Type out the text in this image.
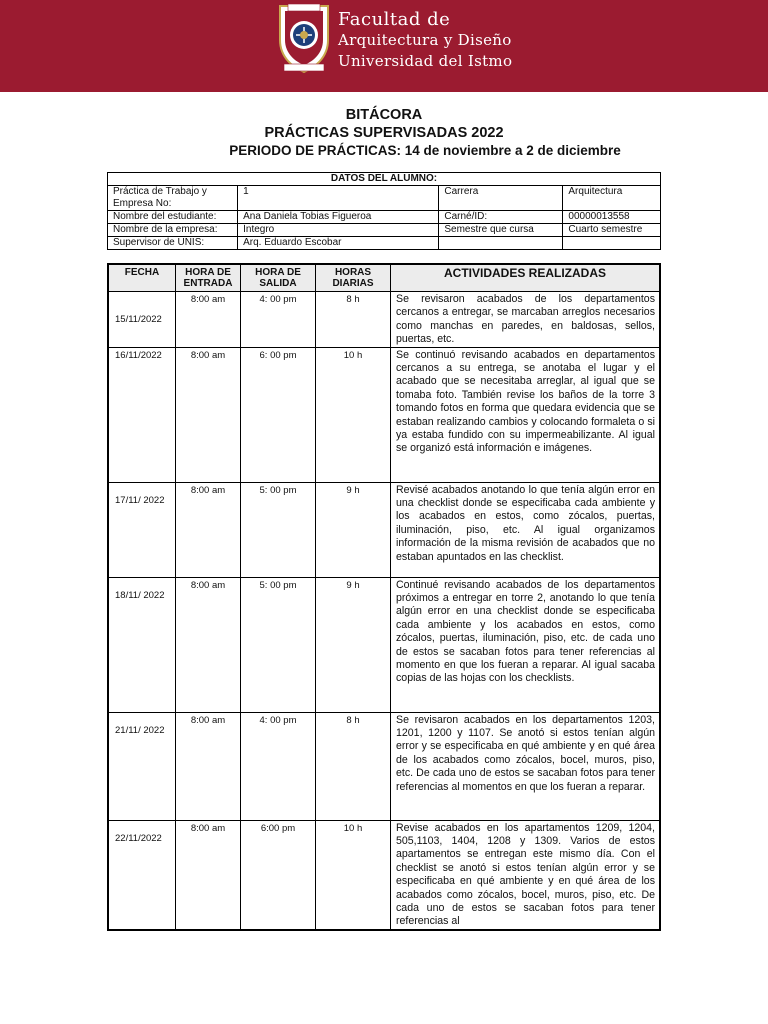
Facultad de
Arquitectura y Diseño
Universidad del Istmo
BITÁCORA
PRÁCTICAS SUPERVISADAS 2022
PERIODO DE PRÁCTICAS: 14 de noviembre a 2 de diciembre
DATOS DEL ALUMNO:			
Práctica de Trabajo y Empresa No:	1	Carrera	Arquitectura
Nombre del estudiante:	Ana Daniela Tobias Figueroa	Carné/ID:	00000013558
Nombre de la empresa:	Íntegro	Semestre que cursa	Cuarto semestre
Supervisor de UNIS:	Arq. Eduardo Escobar		
FECHA	HORA DE ENTRADA	HORA DE SALIDA	HORAS DIARIAS	ACTIVIDADES REALIZADAS
15/11/2022	8:00 am	4: 00 pm	8 h	Se revisaron acabados de los departamentos cercanos a entregar, se marcaban arreglos necesarios como manchas en paredes, en baldosas, sellos, puertas, etc.
16/11/2022	8:00 am	6: 00 pm	10 h	Se continuó revisando acabados en departamentos cercanos a su entrega, se anotaba el lugar y el acabado que se necesitaba arreglar, al igual que se tomaba foto. También revise los baños de la torre 3 tomando fotos en forma que quedara evidencia que se estaban realizando cambios y colocando formaleta o si ya estaba fundido con su impermeabilizante. Al igual se organizó está información e imágenes.
17/11/ 2022	8:00 am	5: 00 pm	9 h	Revisé acabados anotando lo que tenía algún error en una checklist donde se especificaba cada ambiente y los acabados en estos, como zócalos, puertas, iluminación, piso, etc. Al igual organizamos información de la misma revisión de acabados que no estaban apuntados en las checklist.
18/11/ 2022	8:00 am	5: 00 pm	9 h	Continué revisando acabados de los departamentos próximos a entregar en torre 2, anotando lo que tenía algún error en una checklist donde se especificaba cada ambiente y los acabados en estos, como zócalos, puertas, iluminación, piso, etc. de cada uno de estos se sacaban fotos para tener referencias al momento en que los fueran a reparar. Al igual sacaba copias de las hojas con los checklists.
21/11/ 2022	8:00 am	4: 00 pm	8 h	Se revisaron acabados en los departamentos 1203, 1201, 1200 y 1107. Se anotó si estos tenían algún error y se especificaba en qué ambiente y en qué área de los acabados como zócalos, bocel, muros, piso, etc. De cada uno de estos se sacaban fotos para tener referencias al momentos en que los fueran a reparar.
22/11/2022	8:00 am	6:00 pm	10 h	Revise acabados en los apartamentos 1209, 1204, 505,1103, 1404, 1208 y 1309. Varios de estos apartamentos se entregan este mismo día. Con el checklist se anotó si estos tenían algún error y se especificaba en qué ambiente y en qué área de los acabados como zócalos, bocel, muros, piso, etc. De cada uno de estos se sacaban fotos para tener referencias al
